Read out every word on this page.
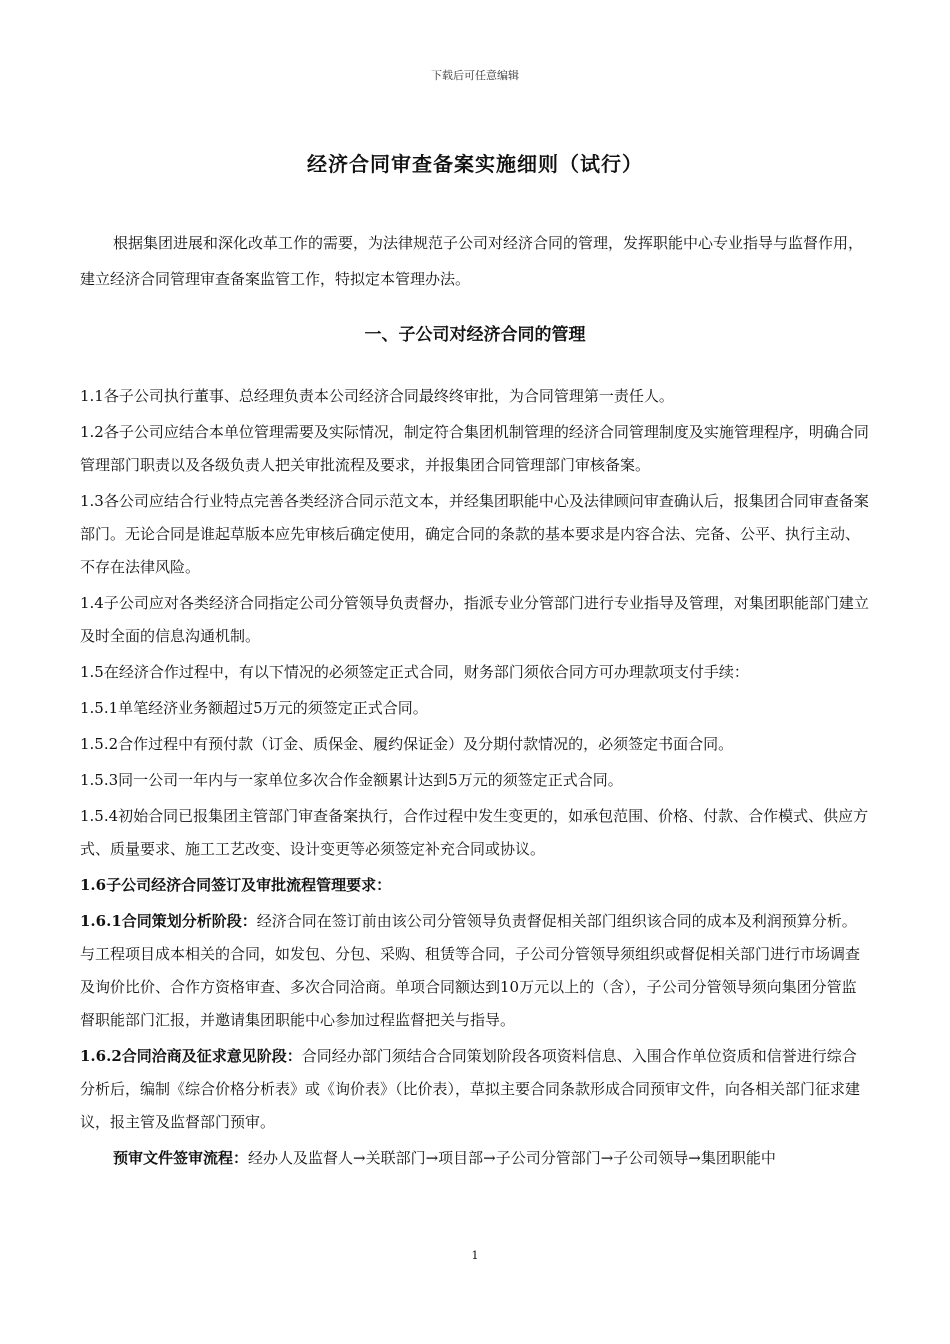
下载后可任意编辑
经济合同审查备案实施细则（试行）

根据集团进展和深化改革工作的需要，为法律规范子公司对经济合同的管理，发挥职能中心专业指导与监督作用，建立经济合同管理审查备案监管工作，特拟定本管理办法。

一、子公司对经济合同的管理

1.1各子公司执行董事、总经理负责本公司经济合同最终终审批，为合同管理第一责任人。

1.2各子公司应结合本单位管理需要及实际情况，制定符合集团机制管理的经济合同管理制度及实施管理程序，明确合同管理部门职责以及各级负责人把关审批流程及要求，并报集团合同管理部门审核备案。

1.3各公司应结合行业特点完善各类经济合同示范文本，并经集团职能中心及法律顾问审查确认后，报集团合同审查备案部门。无论合同是谁起草版本应先审核后确定使用，确定合同的条款的基本要求是内容合法、完备、公平、执行主动、不存在法律风险。

1.4子公司应对各类经济合同指定公司分管领导负责督办，指派专业分管部门进行专业指导及管理，对集团职能部门建立及时全面的信息沟通机制。

1.5在经济合作过程中，有以下情况的必须签定正式合同，财务部门须依合同方可办理款项支付手续：

1.5.1单笔经济业务额超过5万元的须签定正式合同。

1.5.2合作过程中有预付款（订金、质保金、履约保证金）及分期付款情况的，必须签定书面合同。

1.5.3同一公司一年内与一家单位多次合作金额累计达到5万元的须签定正式合同。

1.5.4初始合同已报集团主管部门审查备案执行，合作过程中发生变更的，如承包范围、价格、付款、合作模式、供应方式、质量要求、施工工艺改变、设计变更等必须签定补充合同或协议。

1.6子公司经济合同签订及审批流程管理要求：

1.6.1合同策划分析阶段：经济合同在签订前由该公司分管领导负责督促相关部门组织该合同的成本及利润预算分析。与工程项目成本相关的合同，如发包、分包、采购、租赁等合同，子公司分管领导须组织或督促相关部门进行市场调查及询价比价、合作方资格审查、多次合同洽商。单项合同额达到10万元以上的（含），子公司分管领导须向集团分管监督职能部门汇报，并邀请集团职能中心参加过程监督把关与指导。

1.6.2合同洽商及征求意见阶段：合同经办部门须结合合同策划阶段各项资料信息、入围合作单位资质和信誉进行综合分析后，编制《综合价格分析表》或《询价表》（比价表），草拟主要合同条款形成合同预审文件，向各相关部门征求建议，报主管及监督部门预审。

预审文件签审流程：经办人及监督人→关联部门→项目部→子公司分管部门→子公司领导→集团职能中

1
